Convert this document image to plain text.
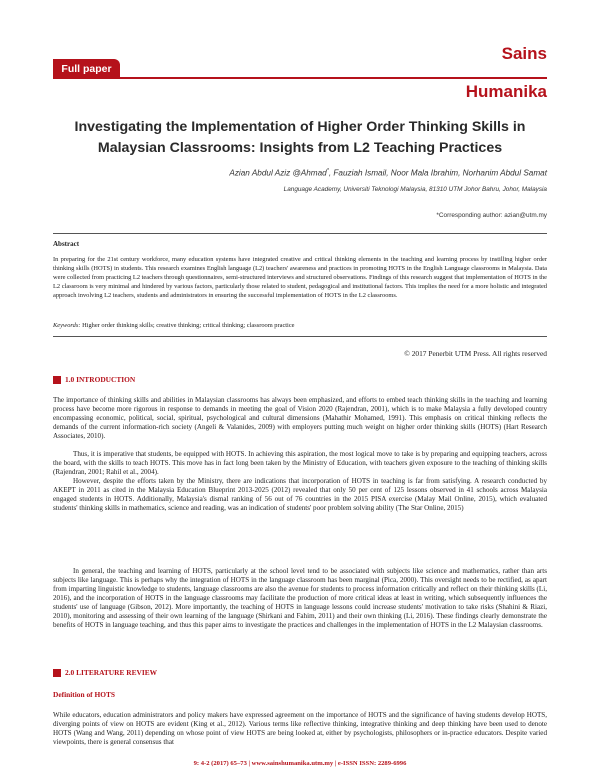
Full paper
Sains
Humanika
Investigating the Implementation of Higher Order Thinking Skills in
Malaysian Classrooms: Insights from L2 Teaching Practices
Azian Abdul Aziz @Ahmad*, Fauziah Ismail, Noor Mala Ibrahim, Norhanim Abdul Samat
Language Academy, Universiti Teknologi Malaysia, 81310 UTM Johor Bahru, Johor, Malaysia
*Corresponding author: azian@utm.my
Abstract

In preparing for the 21st century workforce, many education systems have integrated creative and critical thinking elements in the teaching and learning process by instilling higher order thinking skills (HOTS) in students. This research examines English language (L2) teachers' awareness and practices in promoting HOTS in the English Language classrooms in Malaysia. Data were collected from practicing L2 teachers through questionnaires, semi-structured interviews and structured observations. Findings of this research suggest that implementation of HOTS in the L2 classroom is very minimal and hindered by various factors, particularly those related to student, pedagogical and institutional factors. This implies the need for a more holistic and integrated approach involving L2 teachers, students and administrators in ensuring the successful implementation of HOTS in the L2 classrooms.

Keywords: Higher order thinking skills; creative thinking; critical thinking; classroom practice

© 2017 Penerbit UTM Press. All rights reserved
1.0 INTRODUCTION

The importance of thinking skills and abilities in Malaysian classrooms has always been emphasized, and efforts to embed teach thinking skills in the teaching and learning process have become more rigorous in response to demands in meeting the goal of Vision 2020 (Rajendran, 2001), which is to make Malaysia a fully developed country encompassing economic, political, social, spiritual, psychological and cultural dimensions (Mahathir Mohamed, 1991). This emphasis on critical thinking reflects the demands of the current information-rich society (Angeli & Valanides, 2009) with employers putting much weight on higher order thinking skills (HOTS) (Hart Research Associates, 2010).

Thus, it is imperative that students, be equipped with HOTS. In achieving this aspiration, the most logical move to take is by preparing and equipping teachers, across the board, with the skills to teach HOTS. This move has in fact long been taken by the Ministry of Education, with teachers given exposure to the teaching of thinking skills (Rajendran, 2001; Rahil et al., 2004).

However, despite the efforts taken by the Ministry, there are indications that incorporation of HOTS in teaching is far from satisfying. A research conducted by AKEPT in 2011 as cited in the Malaysia Education Blueprint 2013-2025 (2012) revealed that only 50 per cent of 125 lessons observed in 41 schools across Malaysia engaged students in HOTS. Additionally, Malaysia's dismal ranking of 56 out of 76 countries in the 2015 PISA exercise (Malay Mail Online, 2015), which evaluated students' thinking skills in mathematics, science and reading, was an indication of students' poor problem solving ability (The Star Online, 2015)

In general, the teaching and learning of HOTS, particularly at the school level tend to be associated with subjects like science and mathematics, rather than arts subjects like language. This is perhaps why the integration of HOTS in the language classroom has been marginal (Pica, 2000). This oversight needs to be rectified, as apart from imparting linguistic knowledge to students, language classrooms are also the avenue for students to process information critically and reflect on their thinking skills (Li, 2016), and the incorporation of HOTS in the language classrooms may facilitate the production of more critical ideas at least in writing, which subsequently influences the students' use of language (Gibson, 2012). More importantly, the teaching of HOTS in language lessons could increase students' motivation to take risks (Shahini & Riazi, 2010), monitoring and assessing of their own learning of the language (Shirkani and Fahim, 2011) and their own thinking (Li, 2016). These findings clearly demonstrate the benefits of HOTS in language teaching, and thus this paper aims to investigate the practices and challenges in the implementation of HOTS in the L2 Malaysian classrooms.

2.0 LITERATURE REVIEW
Definition of HOTS

While educators, education administrators and policy makers have expressed agreement on the importance of HOTS and the significance of having students develop HOTS, diverging points of view on HOTS are evident (King et al., 2012). Various terms like reflective thinking, integrative thinking and deep thinking have been used to denote HOTS (Wang and Wang, 2011) depending on whose point of view HOTS are being looked at, either by psychologists, philosophers or in-practice educators. Despite varied viewpoints, there is general consensus that

9: 4-2 (2017) 65–73 | www.sainshumanika.utm.my | e-ISSN ISSN: 2289-6996
